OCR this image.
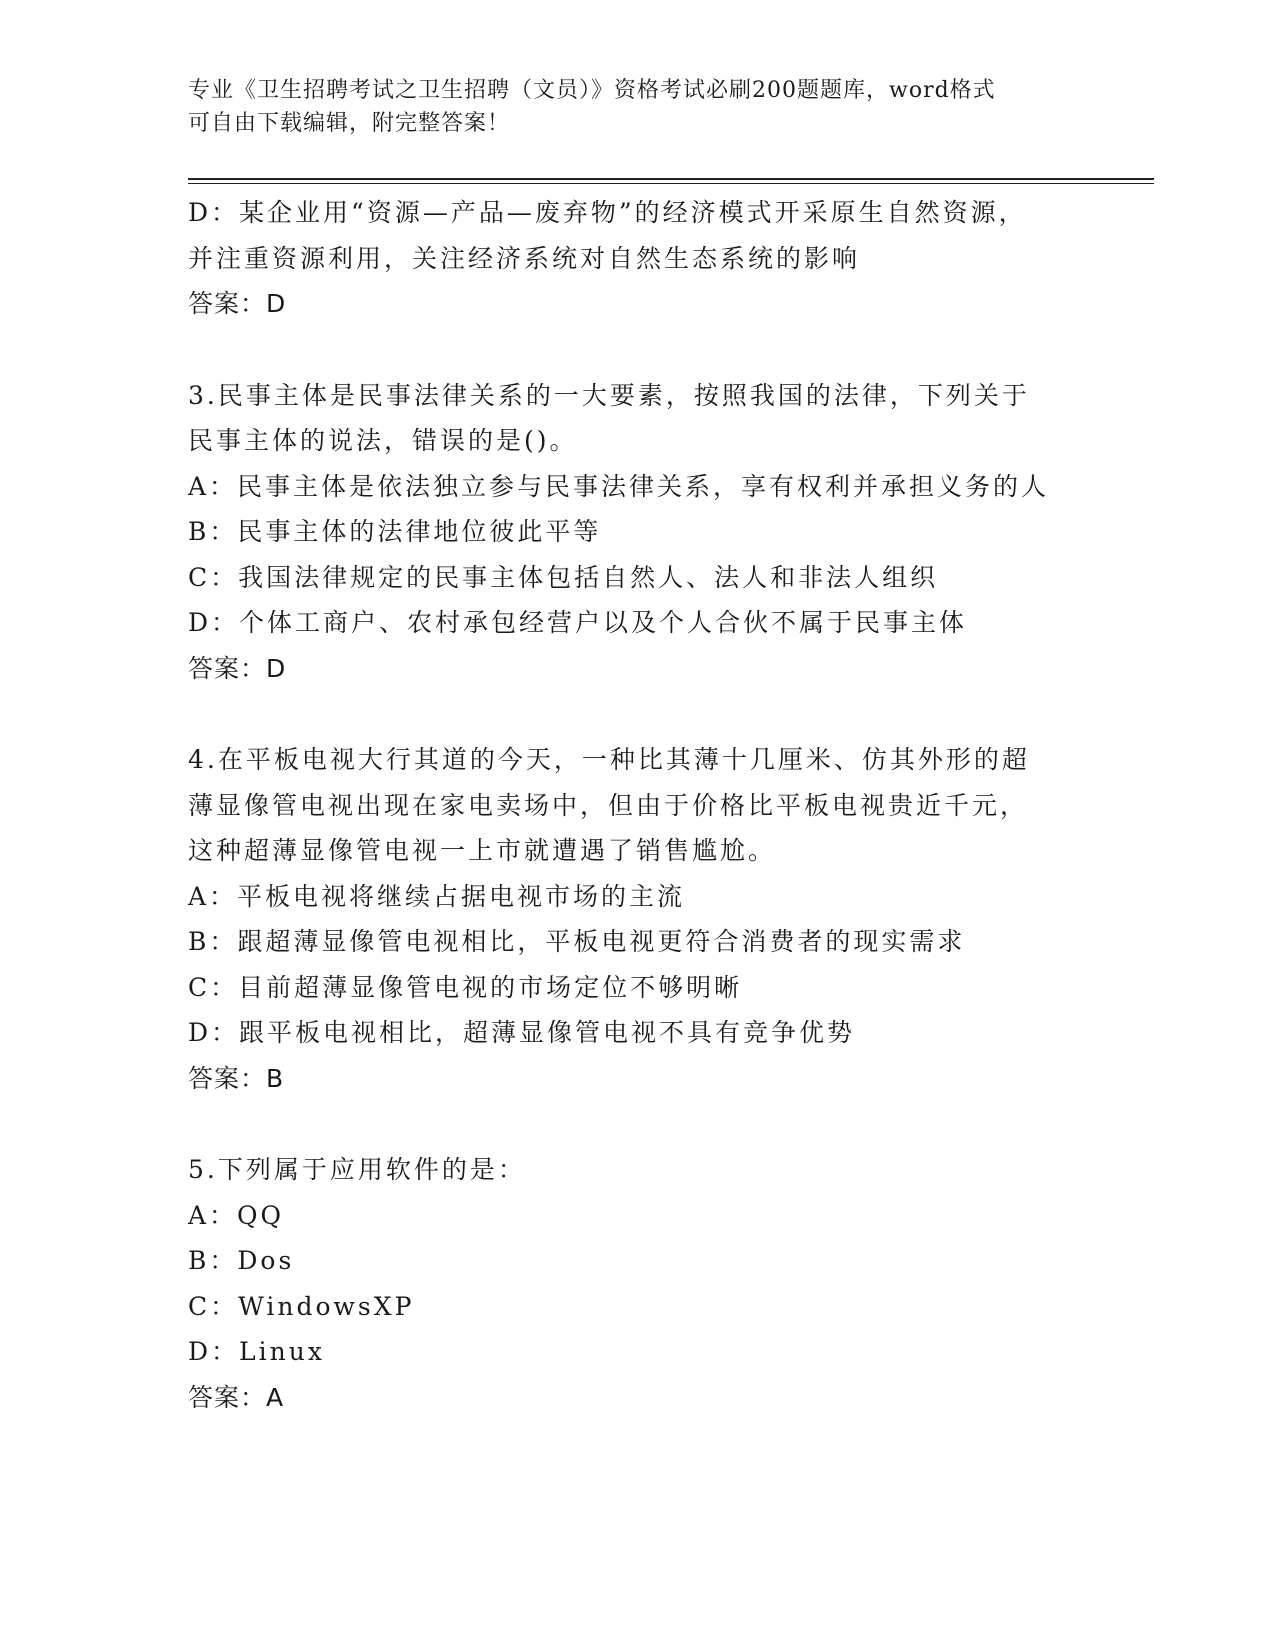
专业《卫生招聘考试之卫生招聘（文员）》资格考试必刷200题题库，word格式
可自由下载编辑，附完整答案！
D：某企业用“资源—产品—废弃物”的经济模式开采原生自然资源，
并注重资源利用，关注经济系统对自然生态系统的影响
答案：D
3.民事主体是民事法律关系的一大要素，按照我国的法律，下列关于
民事主体的说法，错误的是()。
A：民事主体是依法独立参与民事法律关系，享有权利并承担义务的人
B：民事主体的法律地位彼此平等
C：我国法律规定的民事主体包括自然人、法人和非法人组织
D：个体工商户、农村承包经营户以及个人合伙不属于民事主体
答案：D
4.在平板电视大行其道的今天，一种比其薄十几厘米、仿其外形的超
薄显像管电视出现在家电卖场中，但由于价格比平板电视贵近千元，
这种超薄显像管电视一上市就遭遇了销售尴尬。
A：平板电视将继续占据电视市场的主流
B：跟超薄显像管电视相比，平板电视更符合消费者的现实需求
C：目前超薄显像管电视的市场定位不够明晰
D：跟平板电视相比，超薄显像管电视不具有竞争优势
答案：B
5.下列属于应用软件的是：
A：QQ
B：Dos
C：WindowsXP
D：Linux
答案：A
